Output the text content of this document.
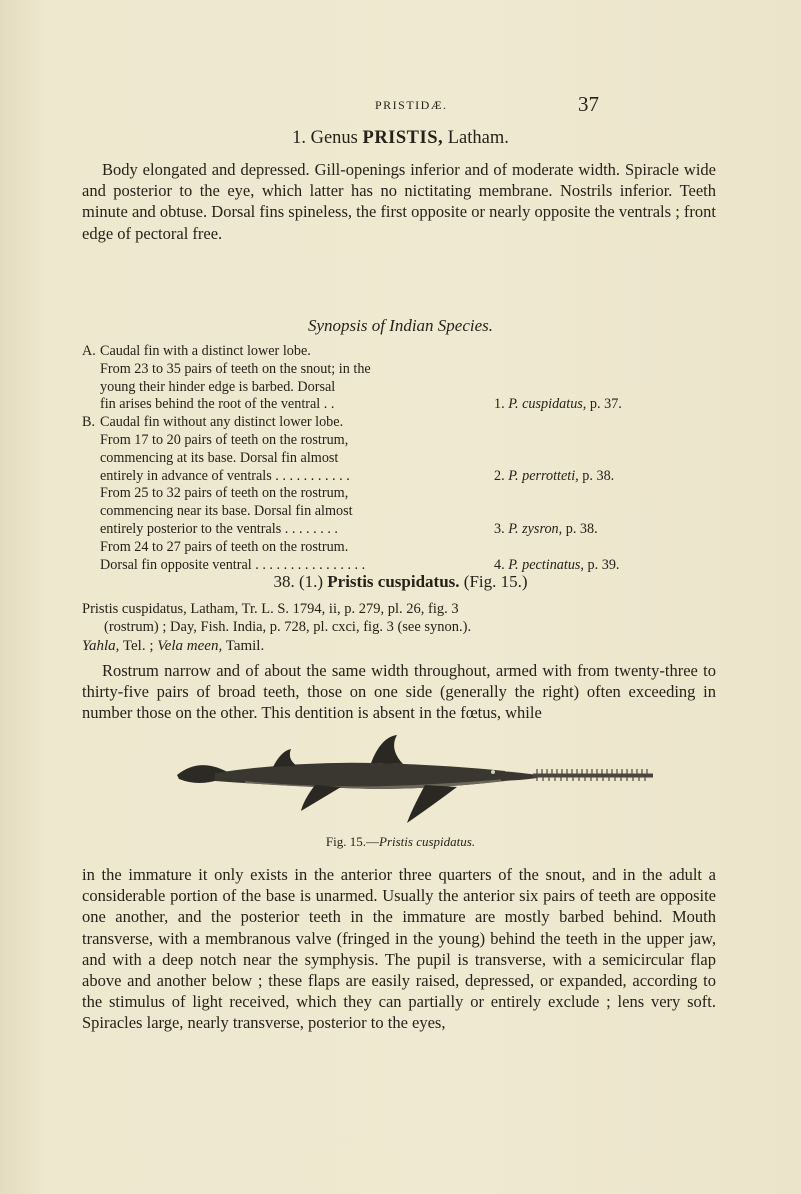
PRISTIDÆ.	37
1. Genus PRISTIS, Latham.
Body elongated and depressed. Gill-openings inferior and of moderate width. Spiracle wide and posterior to the eye, which latter has no nictitating membrane. Nostrils inferior. Teeth minute and obtuse. Dorsal fins spineless, the first opposite or nearly opposite the ventrals ; front edge of pectoral free.
Synopsis of Indian Species.
A. Caudal fin with a distinct lower lobe.
From 23 to 35 pairs of teeth on the snout; in the
young their hinder edge is barbed. Dorsal
fin arises behind the root of the ventral . .	1. P. cuspidatus, p. 37.
B. Caudal fin without any distinct lower lobe.
From 17 to 20 pairs of teeth on the rostrum,
commencing at its base. Dorsal fin almost
entirely in advance of ventrals . . . . . . . . . . .	2. P. perrotteti, p. 38.
From 25 to 32 pairs of teeth on the rostrum,
commencing near its base. Dorsal fin almost
entirely posterior to the ventrals . . . . . . . .	3. P. zysron, p. 38.
From 24 to 27 pairs of teeth on the rostrum.
Dorsal fin opposite ventral . . . . . . . . . . . . . . . .	4. P. pectinatus, p. 39.
38. (1.) Pristis cuspidatus. (Fig. 15.)
Pristis cuspidatus, Latham, Tr. L. S. 1794, ii, p. 279, pl. 26, fig. 3
(rostrum) ; Day, Fish. India, p. 728, pl. cxci, fig. 3 (see synon.).
Yahla, Tel. ; Vela meen, Tamil.
Rostrum narrow and of about the same width throughout, armed with from twenty-three to thirty-five pairs of broad teeth, those on one side (generally the right) often exceeding in number those on the other. This dentition is absent in the fœtus, while
Fig. 15.—Pristis cuspidatus.
in the immature it only exists in the anterior three quarters of the snout, and in the adult a considerable portion of the base is unarmed. Usually the anterior six pairs of teeth are opposite one another, and the posterior teeth in the immature are mostly barbed behind. Mouth transverse, with a membranous valve (fringed in the young) behind the teeth in the upper jaw, and with a deep notch near the symphysis. The pupil is transverse, with a semicircular flap above and another below ; these flaps are easily raised, depressed, or expanded, according to the stimulus of light received, which they can partially or entirely exclude ; lens very soft. Spiracles large, nearly transverse, posterior to the eyes,
